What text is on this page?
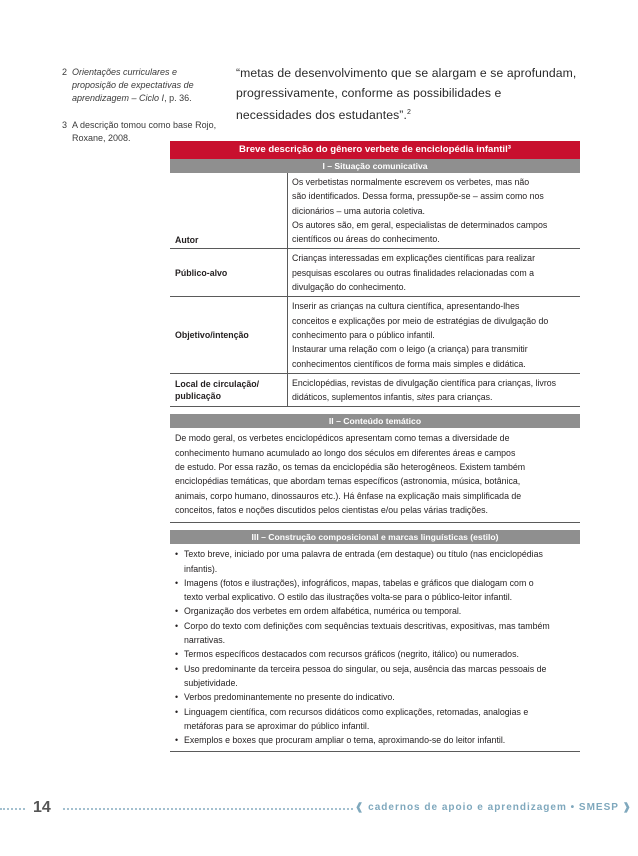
2 Orientações curriculares e proposição de expectativas de aprendizagem – Ciclo I, p. 36.
3 A descrição tomou como base Rojo, Roxane, 2008.
“metas de desenvolvimento que se alargam e se aprofundam, progressivamente, conforme as possibilidades e necessidades dos estudantes”.$^2$
Breve descrição do gênero verbete de enciclopédia infantil³
I – Situação comunicativa
Autor
Os verbetistas normalmente escrevem os verbetes, mas não
são identificados. Dessa forma, pressupõe-se – assim como nos
dicionários – uma autoria coletiva.
Os autores são, em geral, especialistas de determinados campos
científicos ou áreas do conhecimento.
Público-alvo
Crianças interessadas em explicações científicas para realizar
pesquisas escolares ou outras finalidades relacionadas com a
divulgação do conhecimento.
Objetivo/intenção
Inserir as crianças na cultura científica, apresentando-lhes
conceitos e explicações por meio de estratégias de divulgação do
conhecimento para o público infantil.
Instaurar uma relação com o leigo (a criança) para transmitir
conhecimentos científicos de forma mais simples e didática.
Local de circulação/
publicação
Enciclopédias, revistas de divulgação científica para crianças, livros
didáticos, suplementos infantis, sites para crianças.
II – Conteúdo temático
De modo geral, os verbetes enciclopédicos apresentam como temas a diversidade de
conhecimento humano acumulado ao longo dos séculos em diferentes áreas e campos
de estudo. Por essa razão, os temas da enciclopédia são heterogêneos. Existem também
enciclopédias temáticas, que abordam temas específicos (astronomia, música, botânica,
animais, corpo humano, dinossauros etc.). Há ênfase na explicação mais simplificada de
conceitos, fatos e noções discutidos pelos cientistas e/ou pelas várias tradições.
III – Construção composicional e marcas linguísticas (estilo)
• Texto breve, iniciado por uma palavra de entrada (em destaque) ou título (nas enciclopédias
infantis).
• Imagens (fotos e ilustrações), infográficos, mapas, tabelas e gráficos que dialogam com o
texto verbal explicativo. O estilo das ilustrações volta-se para o público-leitor infantil.
• Organização dos verbetes em ordem alfabética, numérica ou temporal.
• Corpo do texto com definições com sequências textuais descritivas, expositivas, mas também
narrativas.
• Termos específicos destacados com recursos gráficos (negrito, itálico) ou numerados.
• Uso predominante da terceira pessoa do singular, ou seja, ausência das marcas pessoais de
subjetividade.
• Verbos predominantemente no presente do indicativo.
• Linguagem científica, com recursos didáticos como explicações, retomadas, analogias e
metáforas para se aproximar do público infantil.
• Exemplos e boxes que procuram ampliar o tema, aproximando-se do leitor infantil.
14	❰ cadernos de apoio e aprendizagem • SMESP ❱
